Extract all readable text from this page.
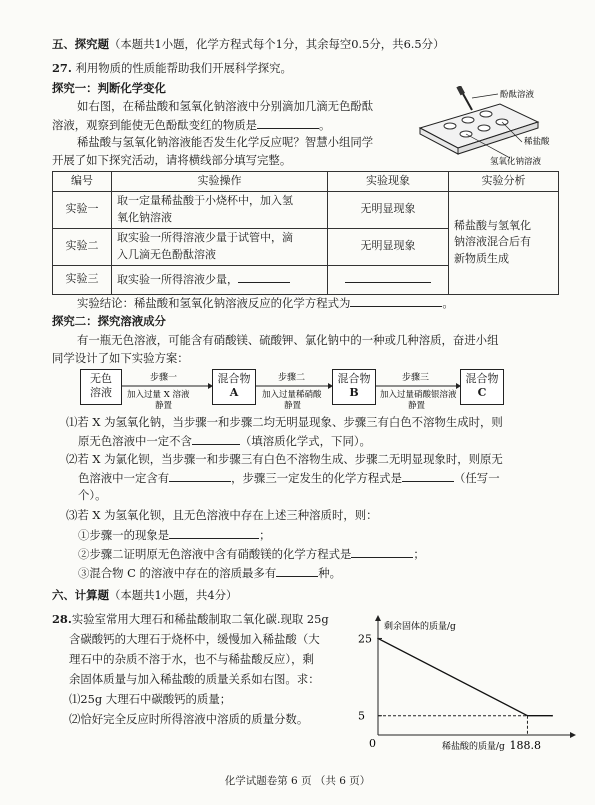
五、探究题（本题共1小题，化学方程式每个1分，其余每空0.5分，共6.5分）
27. 利用物质的性质能帮助我们开展科学探究。
探究一：判断化学变化
如右图，在稀盐酸和氢氧化钠溶液中分别滴加几滴无色酚酞
溶液，观察到能使无色酚酞变红的物质是	。
稀盐酸与氢氧化钠溶液能否发生化学反应呢？智慧小组同学
开展了如下探究活动，请将横线部分填写完整。
酚酞溶液
稀盐酸
氢氧化钠溶液
编号	实验操作	实验现象	实验分析
实验一	取一定量稀盐酸于小烧杯中，加入氢
氧化钠溶液	无明显现象	稀盐酸与氢氧化
钠溶液混合后有
新物质生成
实验二	取实验一所得溶液少量于试管中，滴
入几滴无色酚酞溶液	无明显现象	
实验三	取实验一所得溶液少量，		
实验结论：稀盐酸和氢氧化钠溶液反应的化学方程式为	。
探究二：探究溶液成分
有一瓶无色溶液，可能含有硝酸镁、硫酸钾、氯化钠中的一种或几种溶质，奋进小组
同学设计了如下实验方案：
无色
溶液
混合物
A
混合物
B
混合物
C
步骤一
加入过量 X 溶液
静置
步骤二
加入过量稀硝酸
静置
步骤三
加入过量硝酸银溶液
静置
⑴若 X 为氢氧化钠，当步骤一和步骤二均无明显现象、步骤三有白色不溶物生成时，则
原无色溶液中一定不含	（填溶质化学式，下同）。
⑵若 X 为氯化钡，当步骤一和步骤三有白色不溶物生成、步骤二无明显现象时，则原无
色溶液中一定含有	，步骤三一定发生的化学方程式是	（任写一
个）。
⑶若 X 为氢氧化钡，且无色溶液中存在上述三种溶质时，则：
①步骤一的现象是	；
②步骤二证明原无色溶液中含有硝酸镁的化学方程式是	；
③混合物 C 的溶液中存在的溶质最多有	种。
六、计算题（本题共1小题，共4分）
28.实验室常用大理石和稀盐酸制取二氧化碳.现取 25g
含碳酸钙的大理石于烧杯中，缓慢加入稀盐酸（大
理石中的杂质不溶于水，也不与稀盐酸反应），剩
余固体质量与加入稀盐酸的质量关系如右图。求：
⑴25g 大理石中碳酸钙的质量；
⑵恰好完全反应时所得溶液中溶质的质量分数。
剩余固体的质量/g
稀盐酸的质量/g
0
25
5
188.8
化学试题卷第 6 页 （共 6 页）
